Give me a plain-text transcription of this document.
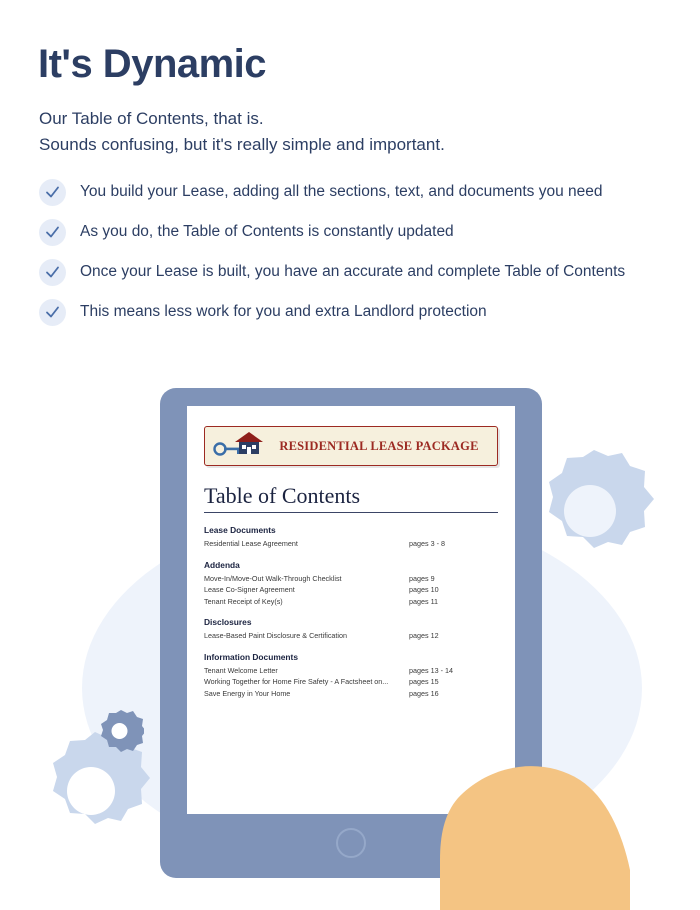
It's Dynamic
Our Table of Contents, that is.
Sounds confusing, but it's really simple and important.
You build your Lease, adding all the sections, text, and documents you need
As you do, the Table of Contents is constantly updated
Once your Lease is built, you have an accurate and complete Table of Contents
This means less work for you and extra Landlord protection
RESIDENTIAL LEASE PACKAGE
Table of Contents
Lease Documents
Residential Lease Agreement	pages 3 - 8
Addenda
Move-In/Move-Out Walk-Through Checklist	pages 9
Lease Co-Signer Agreement	pages 10
Tenant Receipt of Key(s)	pages 11
Disclosures
Lease-Based Paint Disclosure & Certification	pages 12
Information Documents
Tenant Welcome Letter	pages 13 - 14
Working Together for Home Fire Safety - A Factsheet on...	pages 15
Save Energy in Your Home	pages 16
